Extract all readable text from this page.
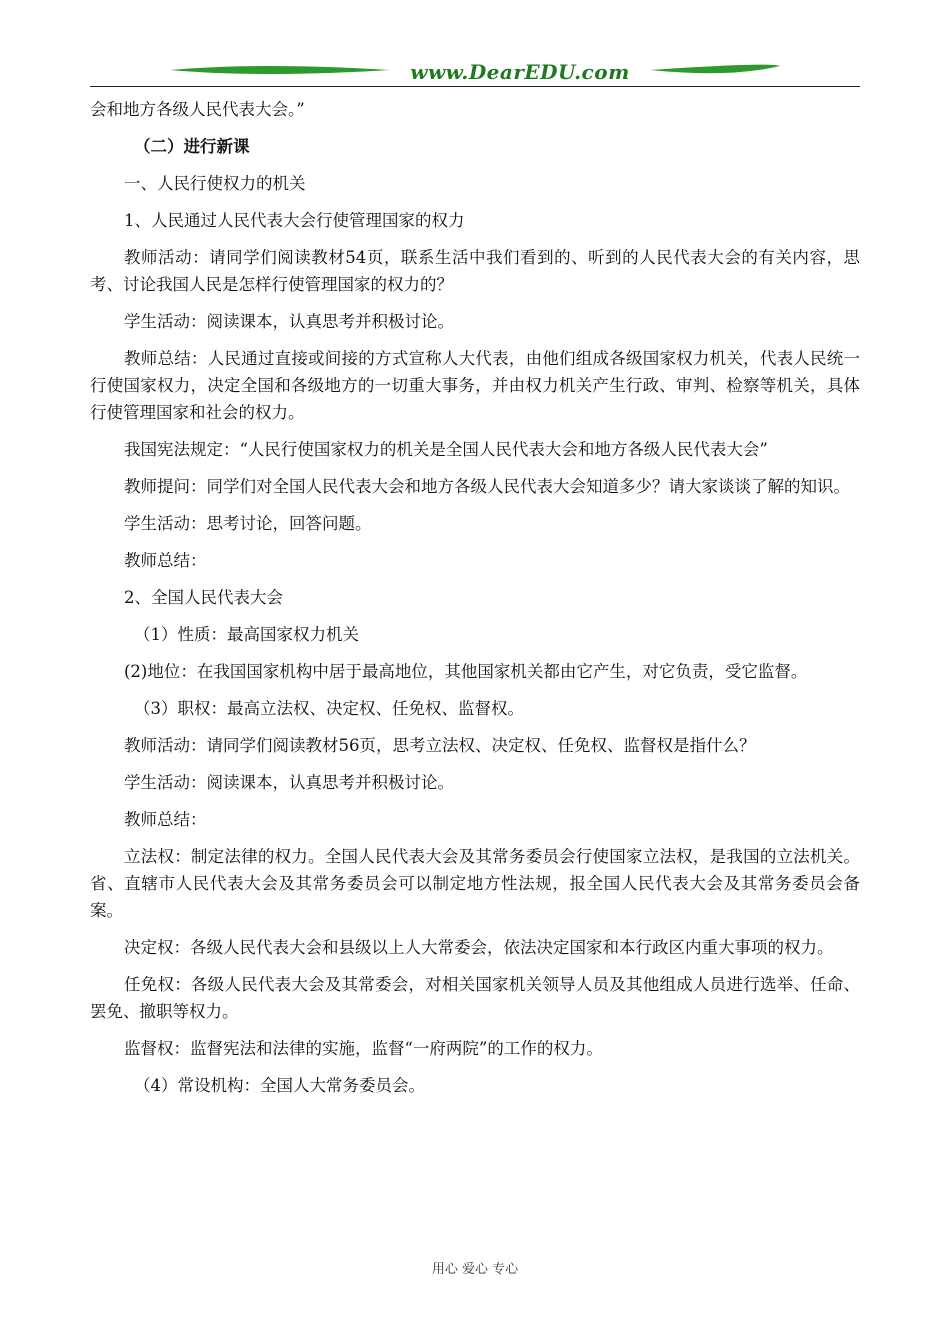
www.DearEDU.com

会和地方各级人民代表大会。”

（二）进行新课

一、人民行使权力的机关

1、人民通过人民代表大会行使管理国家的权力

教师活动：请同学们阅读教材54页，联系生活中我们看到的、听到的人民代表大会的有关内容，思考、讨论我国人民是怎样行使管理国家的权力的？

学生活动：阅读课本，认真思考并积极讨论。

教师总结：人民通过直接或间接的方式宣称人大代表，由他们组成各级国家权力机关，代表人民统一行使国家权力，决定全国和各级地方的一切重大事务，并由权力机关产生行政、审判、检察等机关，具体行使管理国家和社会的权力。

我国宪法规定：“人民行使国家权力的机关是全国人民代表大会和地方各级人民代表大会”

教师提问：同学们对全国人民代表大会和地方各级人民代表大会知道多少？请大家谈谈了解的知识。

学生活动：思考讨论，回答问题。

教师总结：

2、全国人民代表大会

（1）性质：最高国家权力机关

(2)地位：在我国国家机构中居于最高地位，其他国家机关都由它产生，对它负责，受它监督。

（3）职权：最高立法权、决定权、任免权、监督权。

教师活动：请同学们阅读教材56页，思考立法权、决定权、任免权、监督权是指什么？

学生活动：阅读课本，认真思考并积极讨论。

教师总结：

立法权：制定法律的权力。全国人民代表大会及其常务委员会行使国家立法权，是我国的立法机关。省、直辖市人民代表大会及其常务委员会可以制定地方性法规，报全国人民代表大会及其常务委员会备案。

决定权：各级人民代表大会和县级以上人大常委会，依法决定国家和本行政区内重大事项的权力。

任免权：各级人民代表大会及其常委会，对相关国家机关领导人员及其他组成人员进行选举、任命、罢免、撤职等权力。

监督权：监督宪法和法律的实施，监督“一府两院”的工作的权力。

（4）常设机构：全国人大常务委员会。

用心 爱心 专心
